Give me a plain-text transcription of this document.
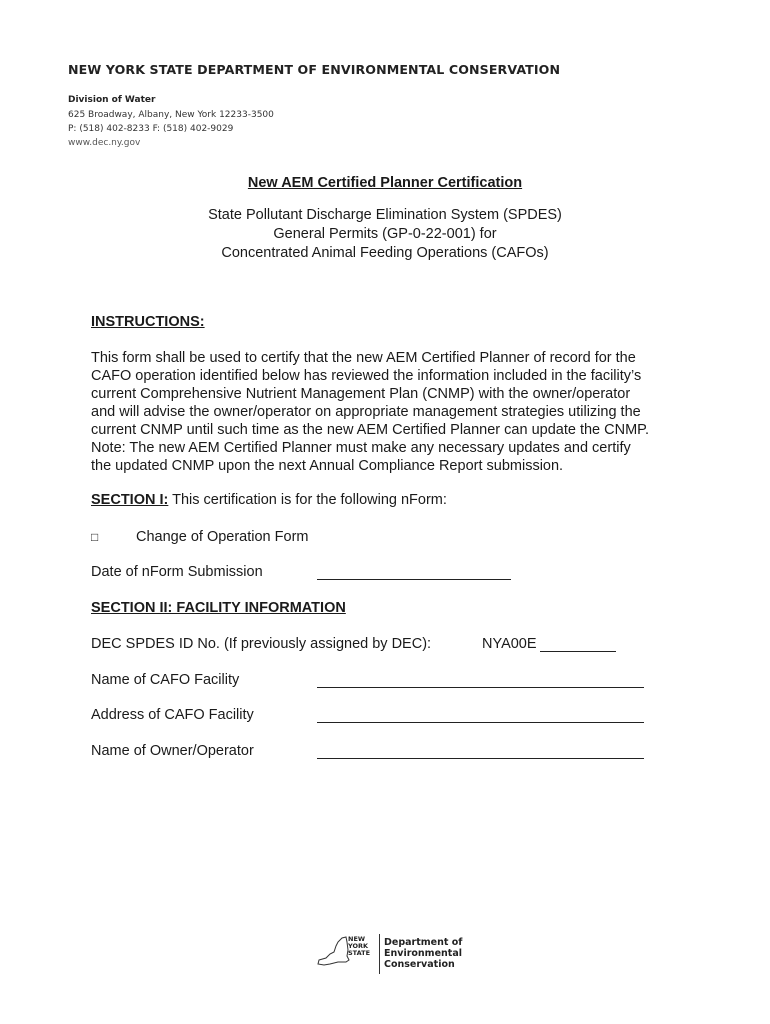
NEW YORK STATE DEPARTMENT OF ENVIRONMENTAL CONSERVATION
Division of Water
625 Broadway, Albany, New York 12233-3500
P: (518) 402-8233 F: (518) 402-9029
www.dec.ny.gov
New AEM Certified Planner Certification
State Pollutant Discharge Elimination System (SPDES)
General Permits (GP-0-22-001) for
Concentrated Animal Feeding Operations (CAFOs)
INSTRUCTIONS:
This form shall be used to certify that the new AEM Certified Planner of record for the
CAFO operation identified below has reviewed the information included in the facility’s
current Comprehensive Nutrient Management Plan (CNMP) with the owner/operator
and will advise the owner/operator on appropriate management strategies utilizing the
current CNMP until such time as the new AEM Certified Planner can update the CNMP.
Note: The new AEM Certified Planner must make any necessary updates and certify
the updated CNMP upon the next Annual Compliance Report submission.
SECTION I: This certification is for the following nForm:
□	Change of Operation Form
Date of nForm Submission
SECTION II: FACILITY INFORMATION
DEC SPDES ID No. (If previously assigned by DEC):	NYA00E
Name of CAFO Facility
Address of CAFO Facility
Name of Owner/Operator
NEW
YORK
STATE
Department of
Environmental
Conservation
